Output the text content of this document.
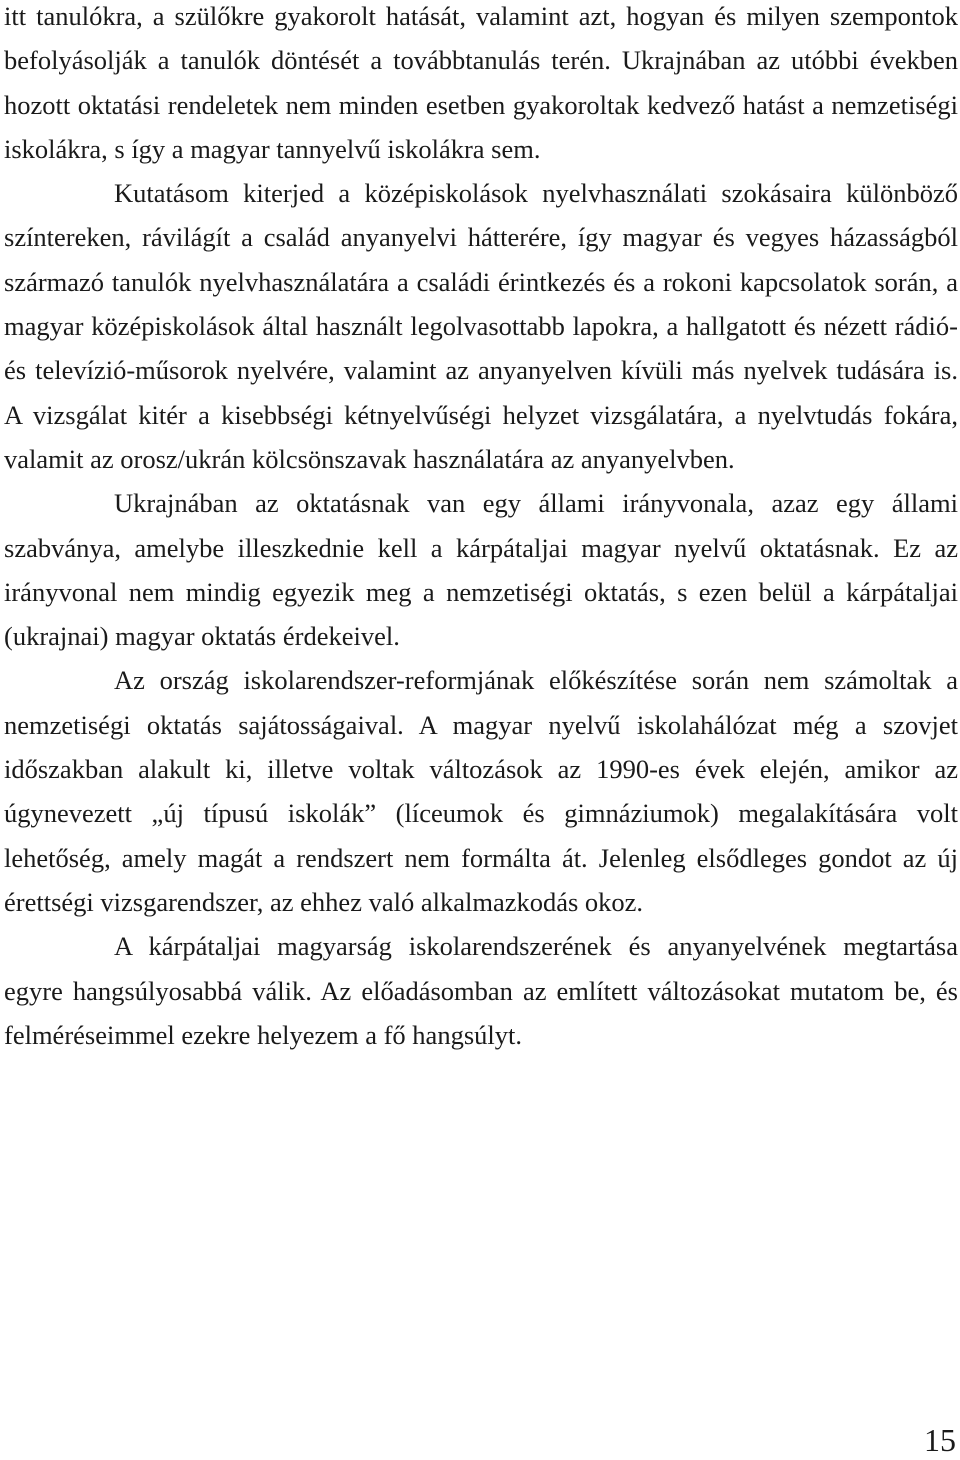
itt tanulókra, a szülőkre gyakorolt hatását, valamint azt, hogyan és milyen szempontok befolyásolják a tanulók döntését a továbbtanulás terén. Ukrajnában az utóbbi években hozott oktatási rendeletek nem minden esetben gyakoroltak kedvező hatást a nemzetiségi iskolákra, s így a magyar tannyelvű iskolákra sem.

Kutatásom kiterjed a középiskolások nyelvhasználati szokásaira különböző színtereken, rávilágít a család anyanyelvi hátterére, így magyar és vegyes házasságból származó tanulók nyelvhasználatára a családi érintkezés és a rokoni kapcsolatok során, a magyar középiskolások által használt legolvasottabb lapokra, a hallgatott és nézett rádió- és televízió-műsorok nyelvére, valamint az anyanyelven kívüli más nyelvek tudására is. A vizsgálat kitér a kisebbségi kétnyelvűségi helyzet vizsgálatára, a nyelvtudás fokára, valamit az orosz/ukrán kölcsönszavak használatára az anyanyelvben.

Ukrajnában az oktatásnak van egy állami irányvonala, azaz egy állami szabványa, amelybe illeszkednie kell a kárpátaljai magyar nyelvű oktatásnak. Ez az irányvonal nem mindig egyezik meg a nemzetiségi oktatás, s ezen belül a kárpátaljai (ukrajnai) magyar oktatás érdekeivel.

Az ország iskolarendszer-reformjának előkészítése során nem számoltak a nemzetiségi oktatás sajátosságaival. A magyar nyelvű iskolahálózat még a szovjet időszakban alakult ki, illetve voltak változások az 1990-es évek elején, amikor az úgynevezett „új típusú iskolák” (líceumok és gimnáziumok) megalakítására volt lehetőség, amely magát a rendszert nem formálta át. Jelenleg elsődleges gondot az új érettségi vizsgarendszer, az ehhez való alkalmazkodás okoz.

A kárpátaljai magyarság iskolarendszerének és anyanyelvének megtartása egyre hangsúlyosabbá válik. Az előadásomban az említett változásokat mutatom be, és felméréseimmel ezekre helyezem a fő hangsúlyt.

15
